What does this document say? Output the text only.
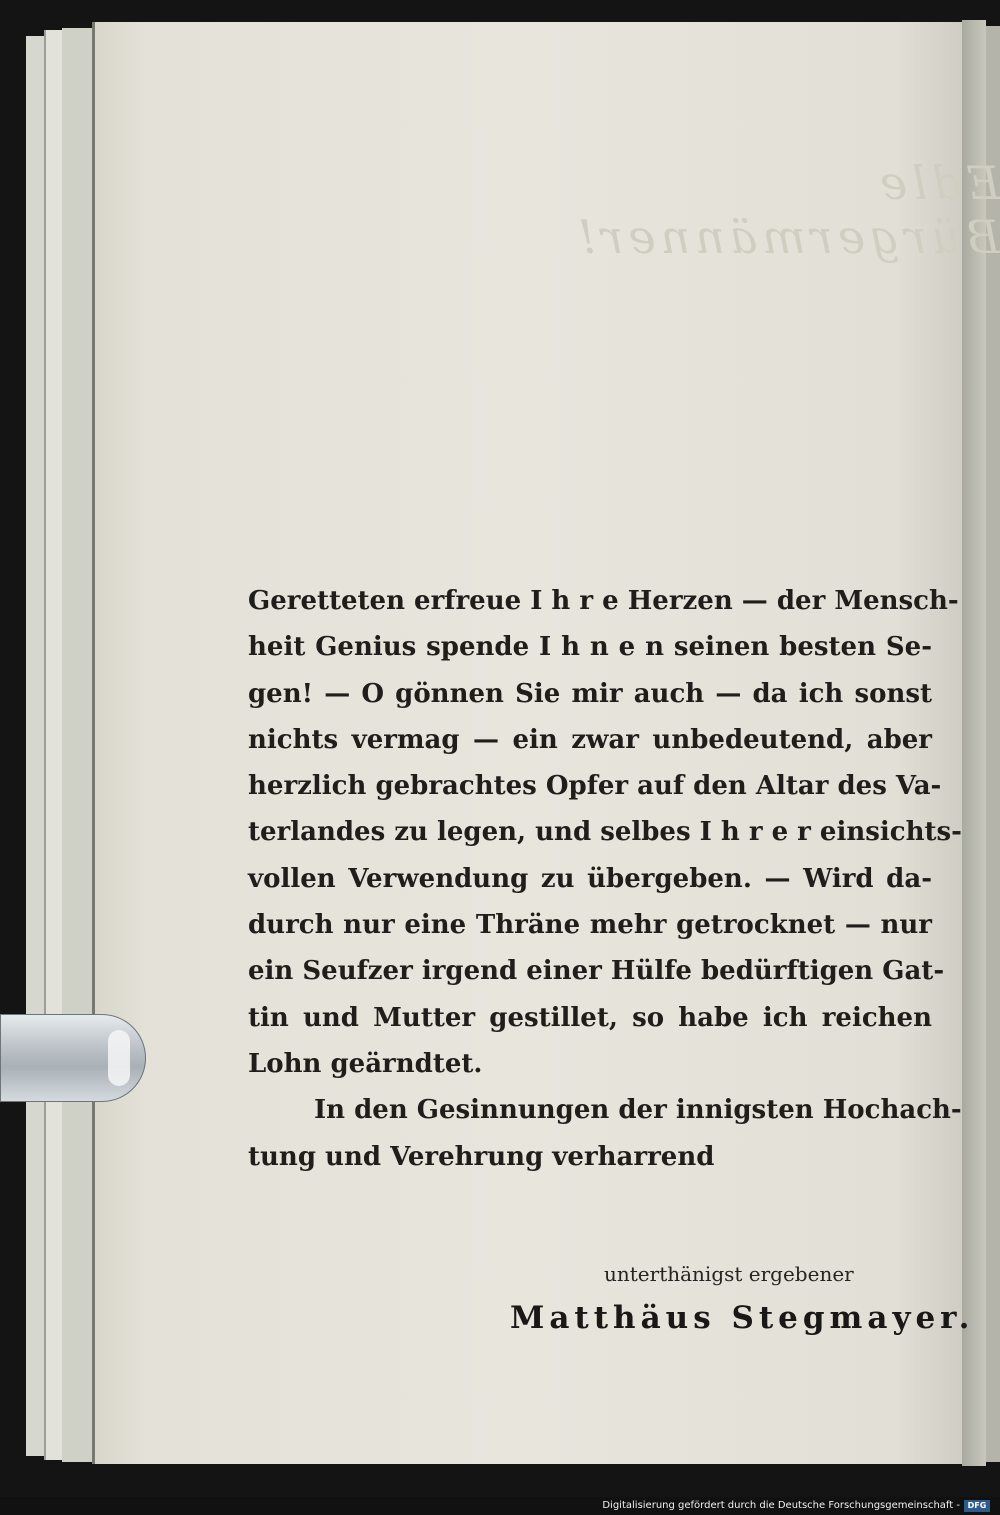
Edle Bürgermänner!
Geretteten erfreue I h r e Herzen — der Mensch-
heit Genius spende I h n e n seinen besten Se-
gen! — O gönnen Sie mir auch — da ich sonst
nichts vermag — ein zwar unbedeutend, aber
herzlich gebrachtes Opfer auf den Altar des Va-
terlandes zu legen, und selbes I h r e r einsichts-
vollen Verwendung zu übergeben. — Wird da-
durch nur eine Thräne mehr getrocknet — nur
ein Seufzer irgend einer Hülfe bedürftigen Gat-
tin und Mutter gestillet, so habe ich reichen
Lohn geärndtet.
In den Gesinnungen der innigsten Hochach-
tung und Verehrung verharrend
unterthänigst ergebener
Matthäus Stegmayer.
Digitalisierung gefördert durch die Deutsche Forschungsgemeinschaft - DFG
